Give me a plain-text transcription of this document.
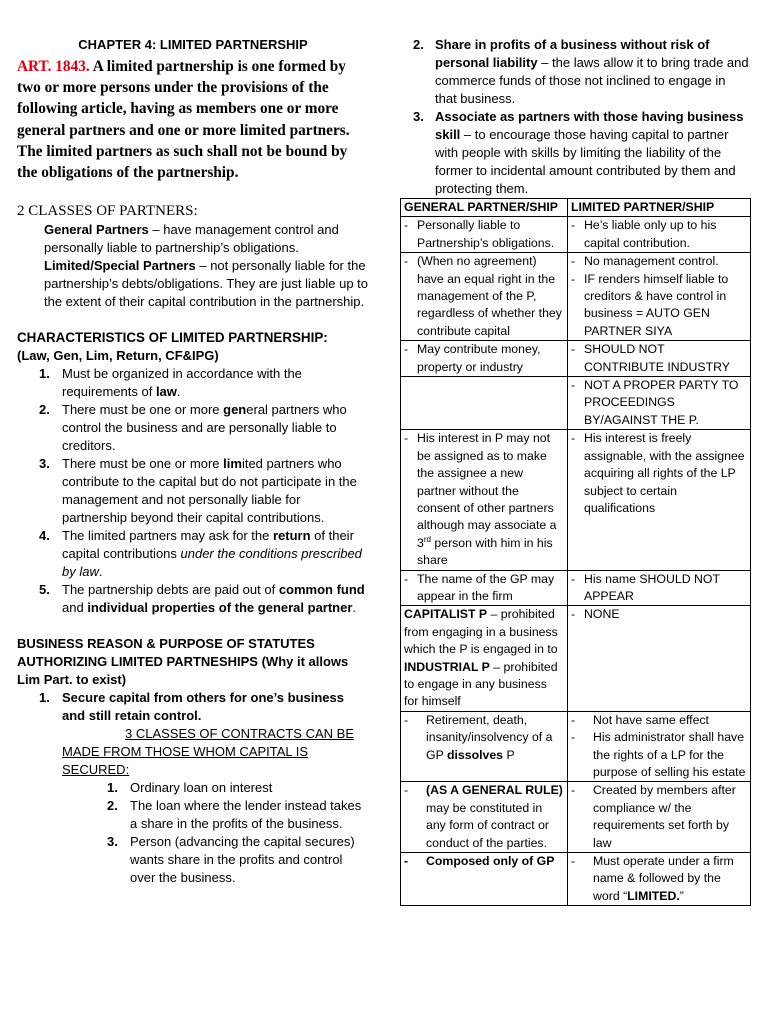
CHAPTER 4: LIMITED PARTNERSHIP

ART. 1843. A limited partnership is one formed by two or more persons under the provisions of the following article, having as members one or more general partners and one or more limited partners. The limited partners as such shall not be bound by the obligations of the partnership.

2 CLASSES OF PARTNERS:

General Partners – have management control and personally liable to partnership’s obligations.

Limited/Special Partners – not personally liable for the partnership’s debts/obligations. They are just liable up to the extent of their capital contribution in the partnership.

CHARACTERISTICS OF LIMITED PARTNERSHIP:

(Law, Gen, Lim, Return, CF&IPG)

1. Must be organized in accordance with the requirements of law.
2. There must be one or more general partners who control the business and are personally liable to creditors.
3. There must be one or more limited partners who contribute to the capital but do not participate in the management and not personally liable for partnership beyond their capital contributions.
4. The limited partners may ask for the return of their capital contributions under the conditions prescribed by law.
5. The partnership debts are paid out of common fund and individual properties of the general partner.

BUSINESS REASON & PURPOSE OF STATUTES AUTHORIZING LIMITED PARTNESHIPS (Why it allows Lim Part. to exist)

1. Secure capital from others for one’s business and still retain control.

3 CLASSES OF CONTRACTS CAN BE MADE FROM THOSE WHOM CAPITAL IS SECURED:

1. Ordinary loan on interest
2. The loan where the lender instead takes a share in the profits of the business.
3. Person (advancing the capital secures) wants share in the profits and control over the business.
2. Share in profits of a business without risk of personal liability – the laws allow it to bring trade and commerce funds of those not inclined to engage in that business.
3. Associate as partners with those having business skill – to encourage those having capital to partner with people with skills by limiting the liability of the former to incidental amount contributed by them and protecting them.
GENERAL PARTNER/SHIP	LIMITED PARTNER/SHIP

- Personally liable to Partnership’s obligations.	- He’s liable only up to his capital contribution.

- (When no agreement) have an equal right in the management of the P, regardless of whether they contribute capital	- No management control.
- IF renders himself liable to creditors & have control in business = AUTO GEN PARTNER SIYA

- May contribute money, property or industry	- SHOULD NOT CONTRIBUTE INDUSTRY

	- NOT A PROPER PARTY TO PROCEEDINGS BY/AGAINST THE P.

- His interest in P may not be assigned as to make the assignee a new partner without the consent of other partners although may associate a 3rd person with him in his share	- His interest is freely assignable, with the assignee acquiring all rights of the LP subject to certain qualifications

- The name of the GP may appear in the firm	- His name SHOULD NOT APPEAR

CAPITALIST P – prohibited from engaging in a business which the P is engaged in to
INDUSTRIAL P – prohibited to engage in any business for himself	- NONE

- Retirement, death, insanity/insolvency of a GP dissolves P	- Not have same effect
- His administrator shall have the rights of a LP for the purpose of selling his estate

- (AS A GENERAL RULE) may be constituted in any form of contract or conduct of the parties.	- Created by members after compliance w/ the requirements set forth by law

- Composed only of GP	- Must operate under a firm name & followed by the word “LIMITED.”
